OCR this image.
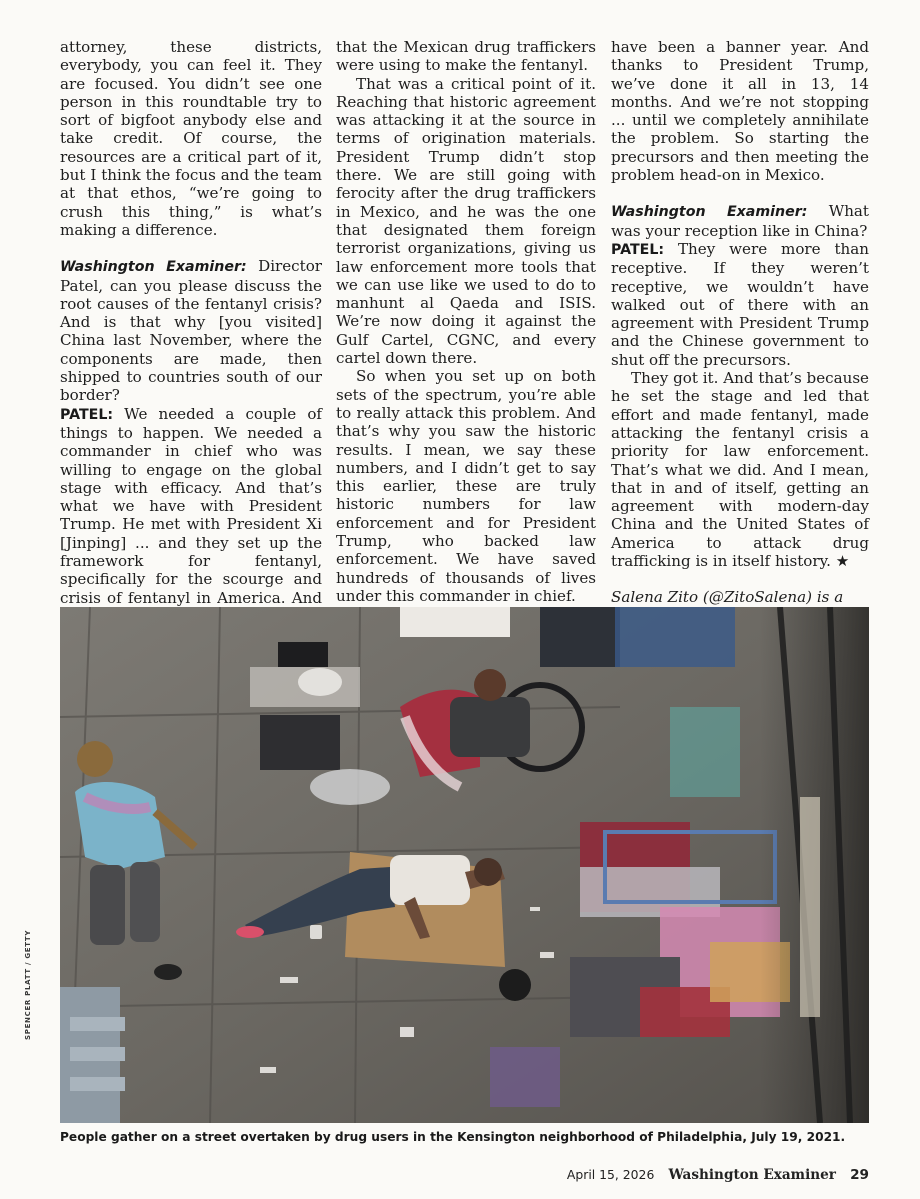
attorney, these districts, everybody, you can feel it. They are focused. You didn’t see one person in this roundtable try to sort of bigfoot anybody else and take credit. Of course, the resources are a critical part of it, but I think the focus and the team at that ethos, “we’re going to crush this thing,” is what’s making a difference.

Washington Examiner: Director Patel, can you please discuss the root causes of the fentanyl crisis? And is that why [you visited] China last November, where the components are made, then shipped to countries south of our border?

PATEL: We needed a couple of things to happen. We needed a commander in chief who was willing to engage on the global stage with efficacy. And that’s what we have with President Trump. He met with President Xi [Jinping] ... and they set up the framework for fentanyl, specifically for the scourge and crisis of fentanyl in America. And

that the Mexican drug traffickers were using to make the fentanyl.

That was a critical point of it. Reaching that historic agreement was attacking it at the source in terms of origination materials. President Trump didn’t stop there. We are still going with ferocity after the drug traffickers in Mexico, and he was the one that designated them foreign terrorist organizations, giving us law enforcement more tools that we can use like we used to do to manhunt al Qaeda and ISIS. We’re now doing it against the Gulf Cartel, CGNC, and every cartel down there.

So when you set up on both sets of the spectrum, you’re able to really attack this problem. And that’s why you saw the historic results. I mean, we say these numbers, and I didn’t get to say this earlier, these are truly historic numbers for law enforcement and for President Trump, who backed law enforcement. We have saved hundreds of thousands of lives under this commander in chief.

have been a banner year. And thanks to President Trump, we’ve done it all in 13, 14 months. And we’re not stopping ... until we completely annihilate the problem. So starting the precursors and then meeting the problem head-on in Mexico.

Washington Examiner: What was your reception like in China?

PATEL: They were more than receptive. If they weren’t receptive, we wouldn’t have walked out of there with an agreement with President Trump and the Chinese government to shut off the precursors.

They got it. And that’s because he set the stage and led that effort and made fentanyl, made attacking the fentanyl crisis a priority for law enforcement. That’s what we did. And I mean, that in and of itself, getting an agreement with modern-day China and the United States of America to attack drug trafficking is in itself history. ★

Salena Zito (@ZitoSalena) is a

SPENCER PLATT / GETTY
People gather on a street overtaken by drug users in the Kensington neighborhood of Philadelphia, July 19, 2021.
April 15, 2026 Washington Examiner 29
